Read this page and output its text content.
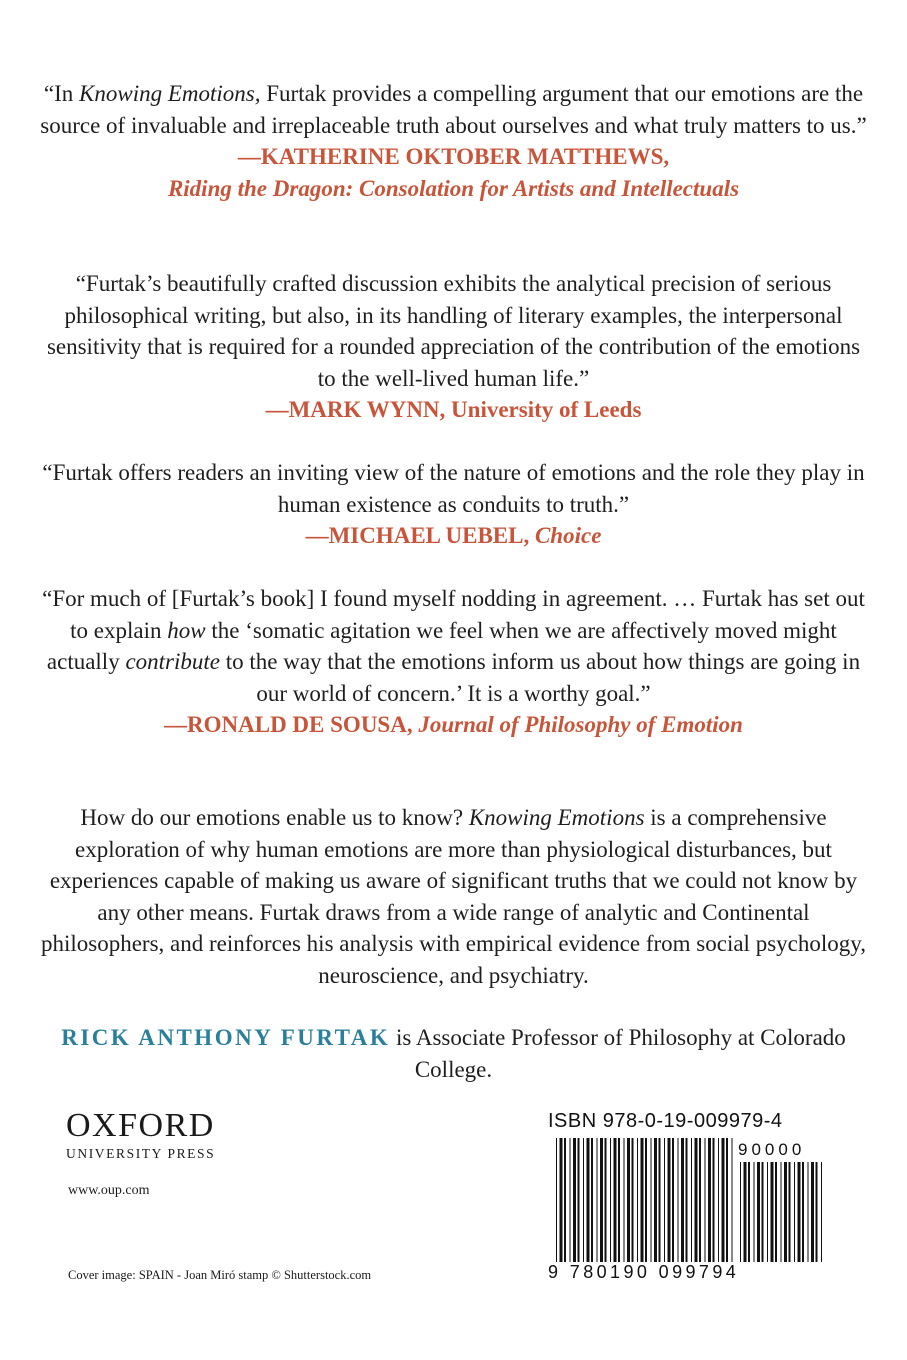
“In Knowing Emotions, Furtak provides a compelling argument that our emotions are the source of invaluable and irreplaceable truth about ourselves and what truly matters to us.”

—KATHERINE OKTOBER MATTHEWS,
Riding the Dragon: Consolation for Artists and Intellectuals

“Furtak’s beautifully crafted discussion exhibits the analytical precision of serious philosophical writing, but also, in its handling of literary examples, the interpersonal sensitivity that is required for a rounded appreciation of the contribution of the emotions to the well-lived human life.”

—MARK WYNN, University of Leeds

“Furtak offers readers an inviting view of the nature of emotions and the role they play in human existence as conduits to truth.”

—MICHAEL UEBEL, Choice

“For much of [Furtak’s book] I found myself nodding in agreement. … Furtak has set out to explain how the ‘somatic agitation we feel when we are affectively moved might actually contribute to the way that the emotions inform us about how things are going in our world of concern.’ It is a worthy goal.”

—RONALD DE SOUSA, Journal of Philosophy of Emotion

How do our emotions enable us to know? Knowing Emotions is a comprehensive exploration of why human emotions are more than physiological disturbances, but experiences capable of making us aware of significant truths that we could not know by any other means. Furtak draws from a wide range of analytic and Continental philosophers, and reinforces his analysis with empirical evidence from social psychology, neuroscience, and psychiatry.

RICK ANTHONY FURTAK is Associate Professor of Philosophy at Colorado College.

OXFORD
UNIVERSITY PRESS
www.oup.com
Cover image: SPAIN - Joan Miró stamp © Shutterstock.com
ISBN 978-0-19-009979-4
90000
9 780190 099794
